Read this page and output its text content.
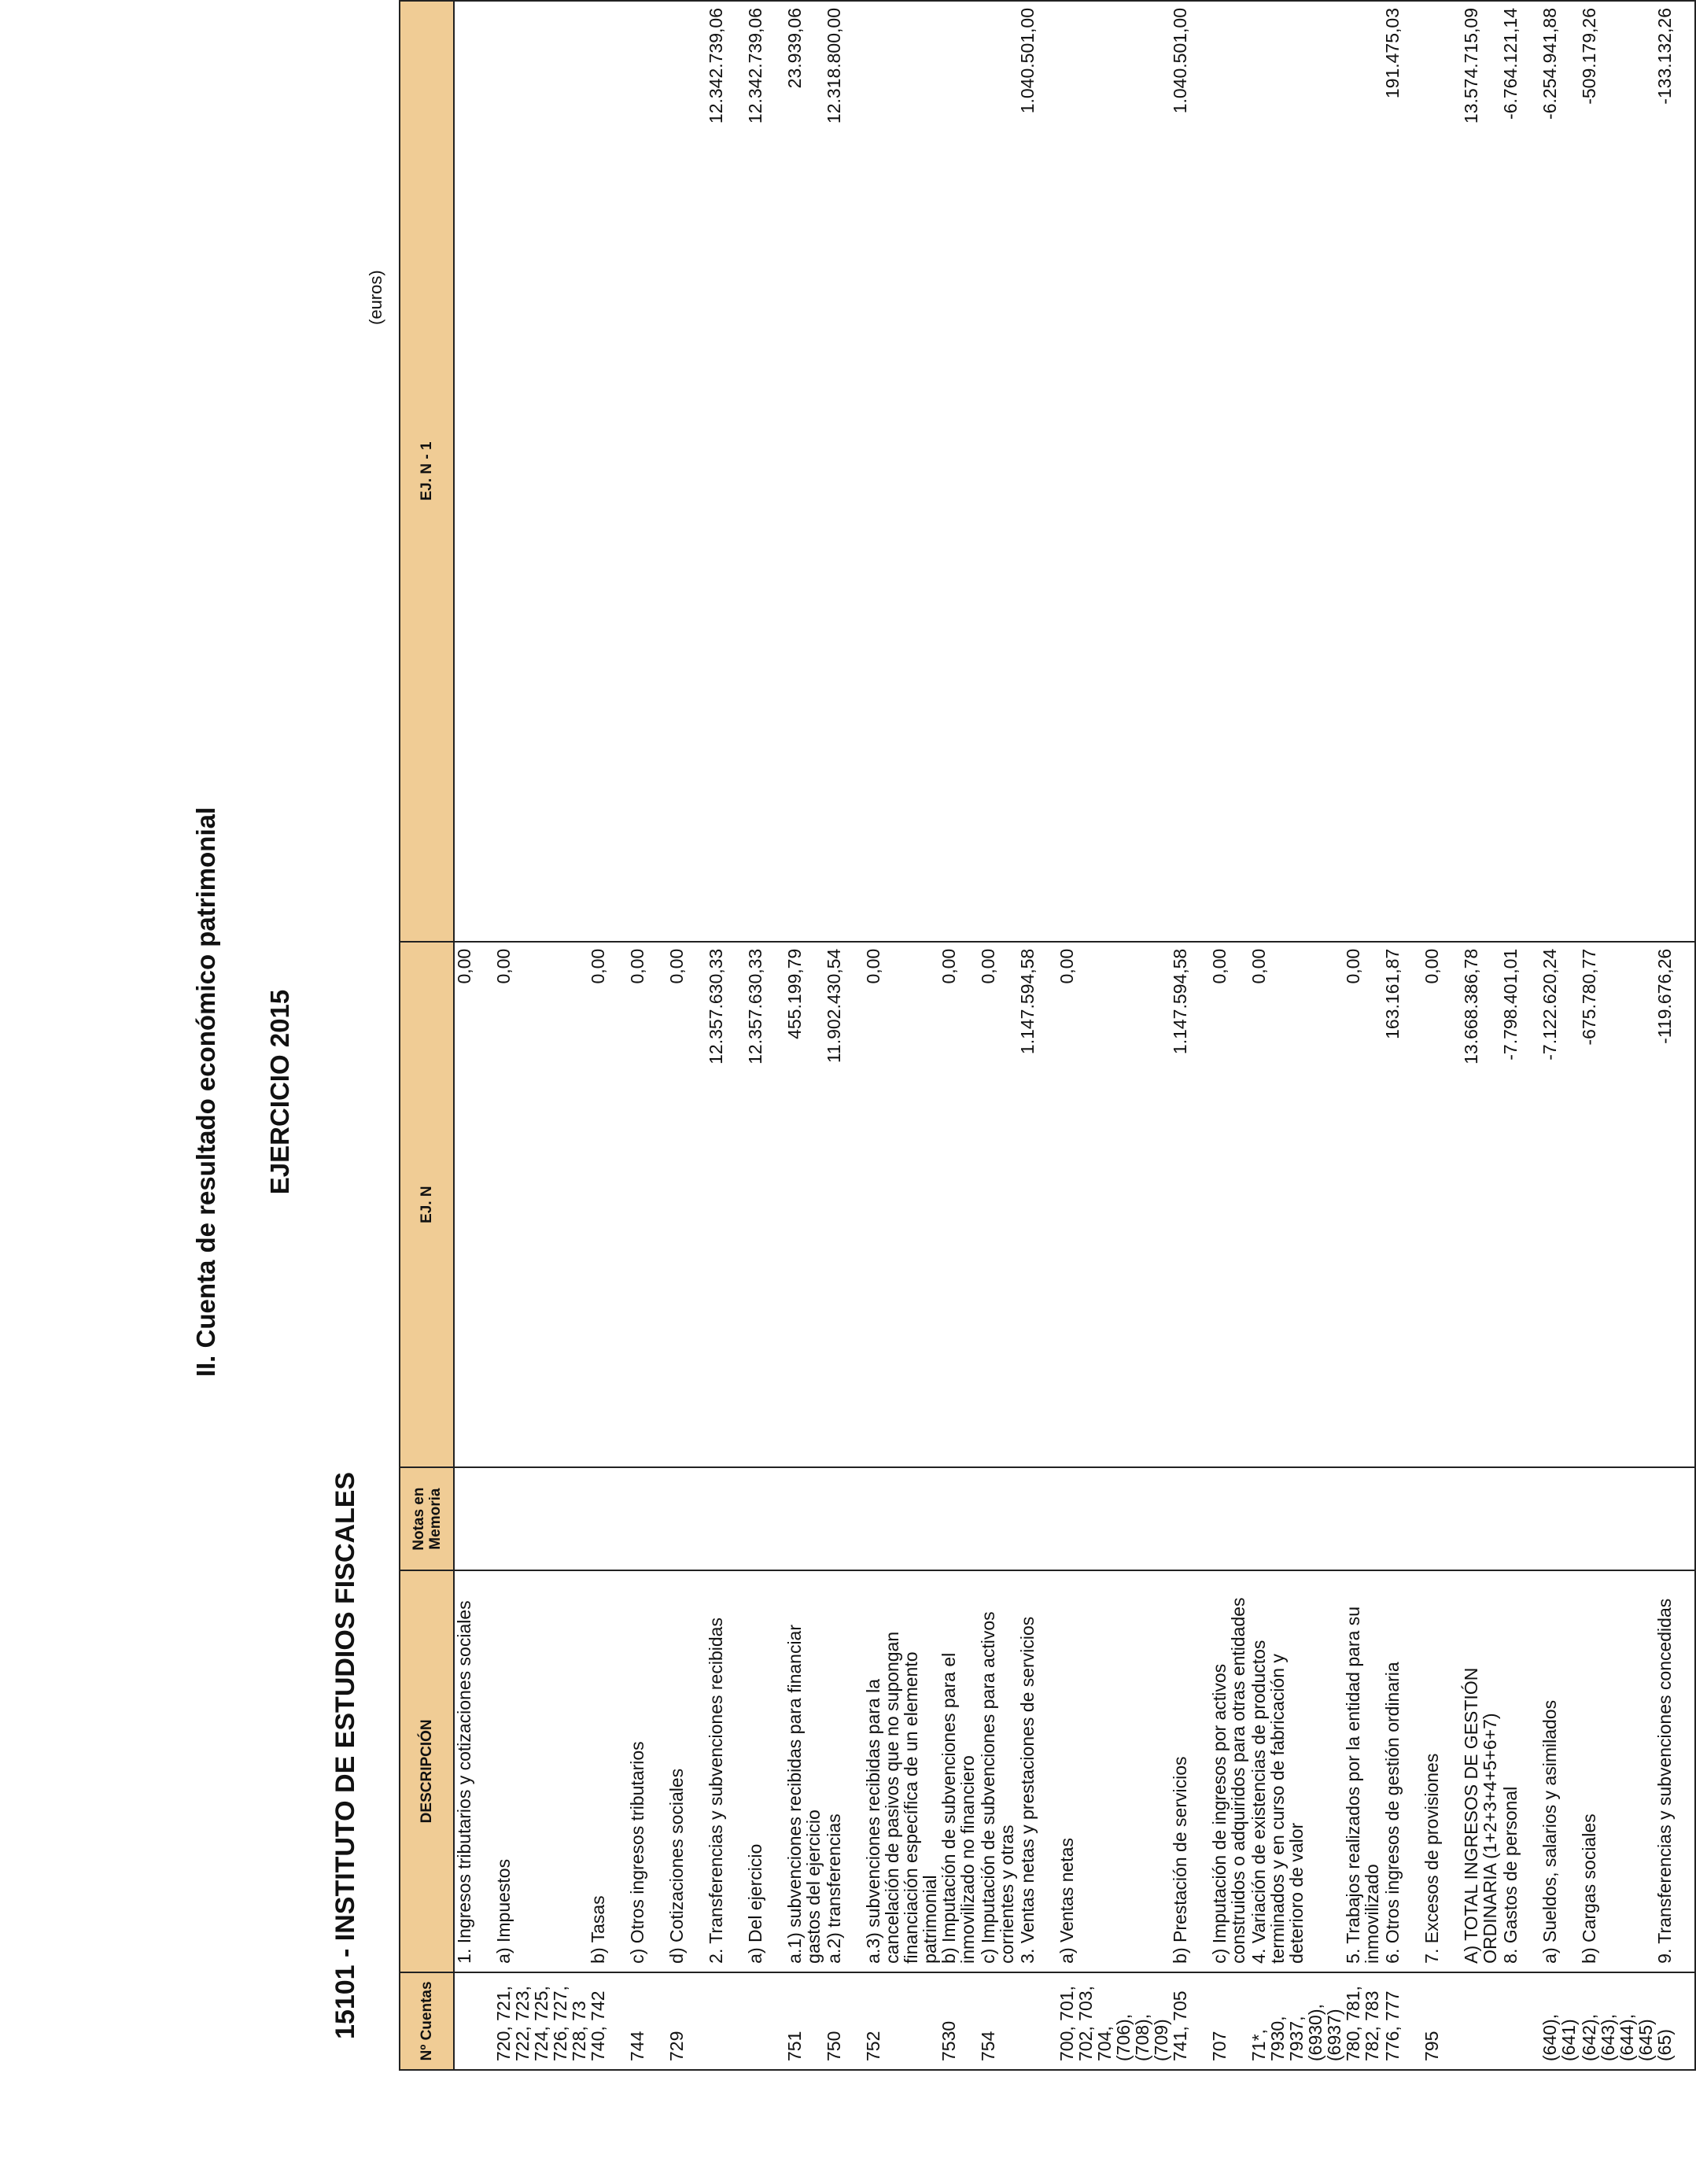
II. Cuenta de resultado económico patrimonial EJERCICIO 2015
15101 - INSTITUTO DE ESTUDIOS FISCALES
(euros)
Nº Cuentas	DESCRIPCIÓN	Notas en Memoria	EJ. N	EJ. N - 1
	1. Ingresos tributarios y cotizaciones sociales		0,00	
720, 721, 722, 723, 724, 725, 726, 727, 728, 73	a) Impuestos		0,00	
740, 742	b) Tasas		0,00	
744	c) Otros ingresos tributarios		0,00	
729	d) Cotizaciones sociales		0,00	
	2. Transferencias y subvenciones recibidas		12.357.630,33	12.342.739,06
	a) Del ejercicio		12.357.630,33	12.342.739,06
751	a.1) subvenciones recibidas para financiar gastos del ejercicio		455.199,79	23.939,06
750	a.2) transferencias		11.902.430,54	12.318.800,00
752	a.3) subvenciones recibidas para la cancelación de pasivos que no supongan financiación específica de un elemento patrimonial		0,00	
7530	b) Imputación de subvenciones para el inmovilizado no financiero		0,00	
754	c) Imputación de subvenciones para activos corrientes y otras		0,00	
	3. Ventas netas y prestaciones de servicios		1.147.594,58	1.040.501,00
700, 701, 702, 703, 704, (706), (708), (709)	a) Ventas netas		0,00	
741, 705	b) Prestación de servicios		1.147.594,58	1.040.501,00
707	c) Imputación de ingresos por activos construidos o adquiridos para otras entidades		0,00	
71*, 7930, 7937, (6930), (6937)	4. Variación de existencias de productos terminados y en curso de fabricación y deterioro de valor		0,00	
780, 781, 782, 783	5. Trabajos realizados por la entidad para su inmovilizado		0,00	
776, 777	6. Otros ingresos de gestión ordinaria		163.161,87	191.475,03
795	7. Excesos de provisiones		0,00	
	A) TOTAL INGRESOS DE GESTIÓN ORDINARIA (1+2+3+4+5+6+7)		13.668.386,78	13.574.715,09
	8. Gastos de personal		-7.798.401,01	-6.764.121,14
(640), (641)	a) Sueldos, salarios y asimilados		-7.122.620,24	-6.254.941,88
(642), (643), (644), (645)	b) Cargas sociales		-675.780,77	-509.179,26
(65)	9. Transferencias y subvenciones concedidas		-119.676,26	-133.132,26
